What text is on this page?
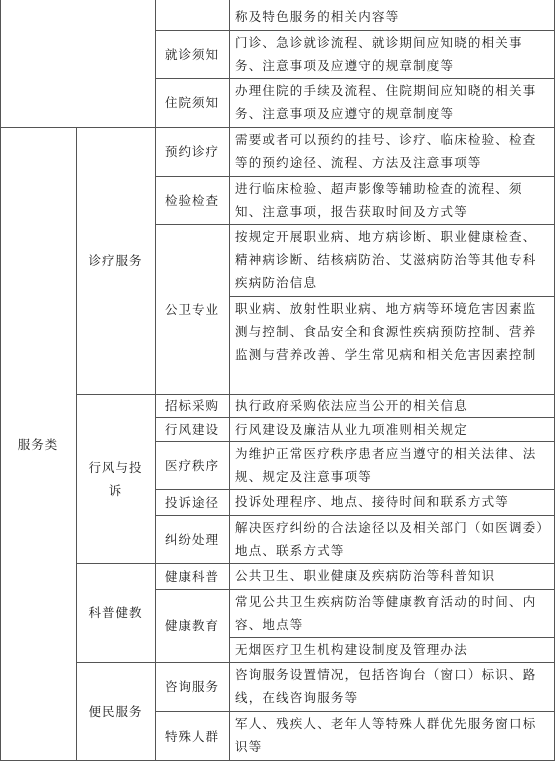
服务类
诊疗服务
行风与投诉
科普健教
便民服务
就诊须知
住院须知
预约诊疗
检验检查
公卫专业
招标采购
行风建设
医疗秩序
投诉途径
纠纷处理
健康科普
健康教育
咨询服务
特殊人群
称及特色服务的相关内容等
门诊、急诊就诊流程、就诊期间应知晓的相关事务、注意事项及应遵守的规章制度等
办理住院的手续及流程、住院期间应知晓的相关事务、注意事项及应遵守的规章制度等
需要或者可以预约的挂号、诊疗、临床检验、检查等的预约途径、流程、方法及注意事项等
进行临床检验、超声影像等辅助检查的流程、须知、注意事项，报告获取时间及方式等
按规定开展职业病、地方病诊断、职业健康检查、精神病诊断、结核病防治、艾滋病防治等其他专科疾病防治信息
职业病、放射性职业病、地方病等环境危害因素监测与控制、食品安全和食源性疾病预防控制、营养监测与营养改善、学生常见病和相关危害因素控制
执行政府采购依法应当公开的相关信息
行风建设及廉洁从业九项准则相关规定
为维护正常医疗秩序患者应当遵守的相关法律、法规、规定及注意事项等
投诉处理程序、地点、接待时间和联系方式等
解决医疗纠纷的合法途径以及相关部门（如医调委）地点、联系方式等
公共卫生、职业健康及疾病防治等科普知识
常见公共卫生疾病防治等健康教育活动的时间、内容、地点等
无烟医疗卫生机构建设制度及管理办法
咨询服务设置情况，包括咨询台（窗口）标识、路线，在线咨询服务等
军人、残疾人、老年人等特殊人群优先服务窗口标识等
